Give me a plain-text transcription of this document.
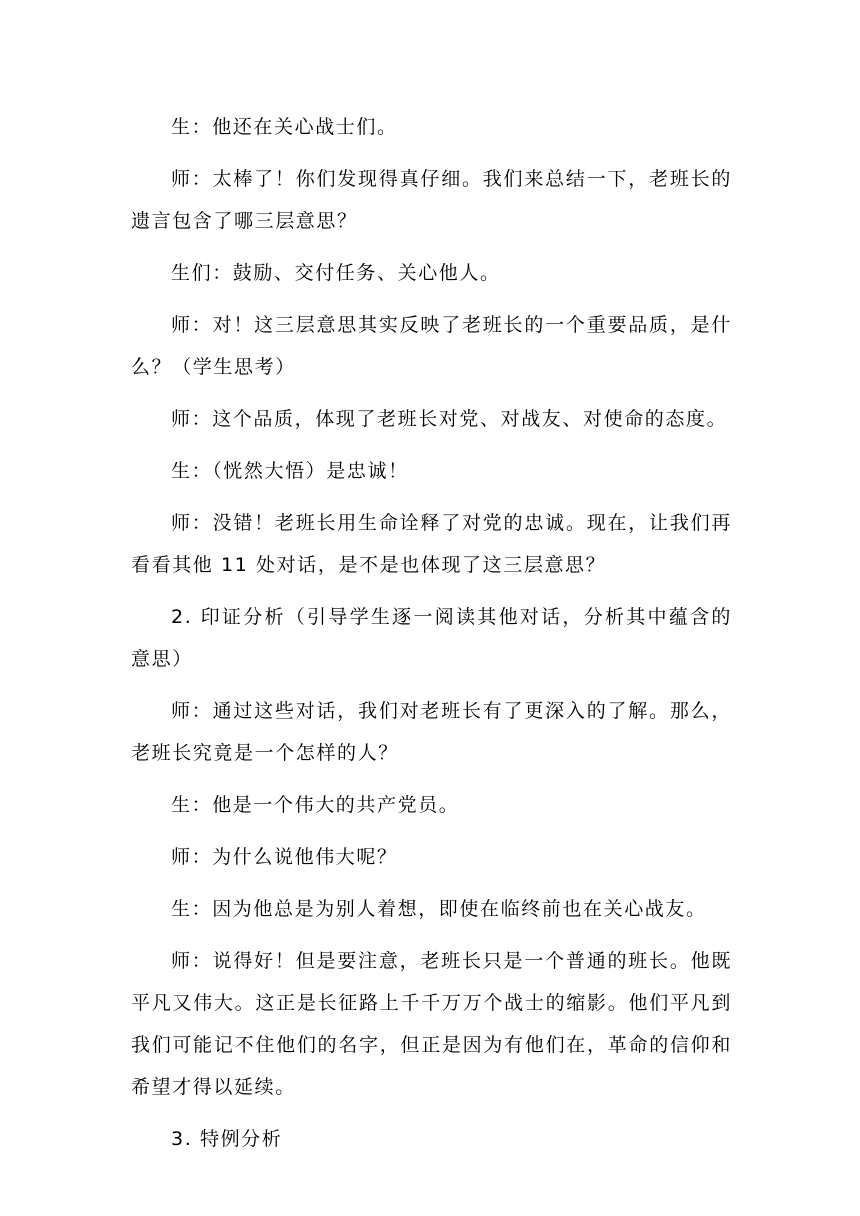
生：他还在关心战士们。

师：太棒了！你们发现得真仔细。我们来总结一下，老班长的遗言包含了哪三层意思？

生们：鼓励、交付任务、关心他人。

师：对！这三层意思其实反映了老班长的一个重要品质，是什么？（学生思考）

师：这个品质，体现了老班长对党、对战友、对使命的态度。

生：（恍然大悟）是忠诚！

师：没错！老班长用生命诠释了对党的忠诚。现在，让我们再看看其他 11 处对话，是不是也体现了这三层意思？

2. 印证分析（引导学生逐一阅读其他对话，分析其中蕴含的意思）

师：通过这些对话，我们对老班长有了更深入的了解。那么，老班长究竟是一个怎样的人？

生：他是一个伟大的共产党员。

师：为什么说他伟大呢？

生：因为他总是为别人着想，即使在临终前也在关心战友。

师：说得好！但是要注意，老班长只是一个普通的班长。他既平凡又伟大。这正是长征路上千千万万个战士的缩影。他们平凡到我们可能记不住他们的名字，但正是因为有他们在，革命的信仰和希望才得以延续。

3. 特例分析
